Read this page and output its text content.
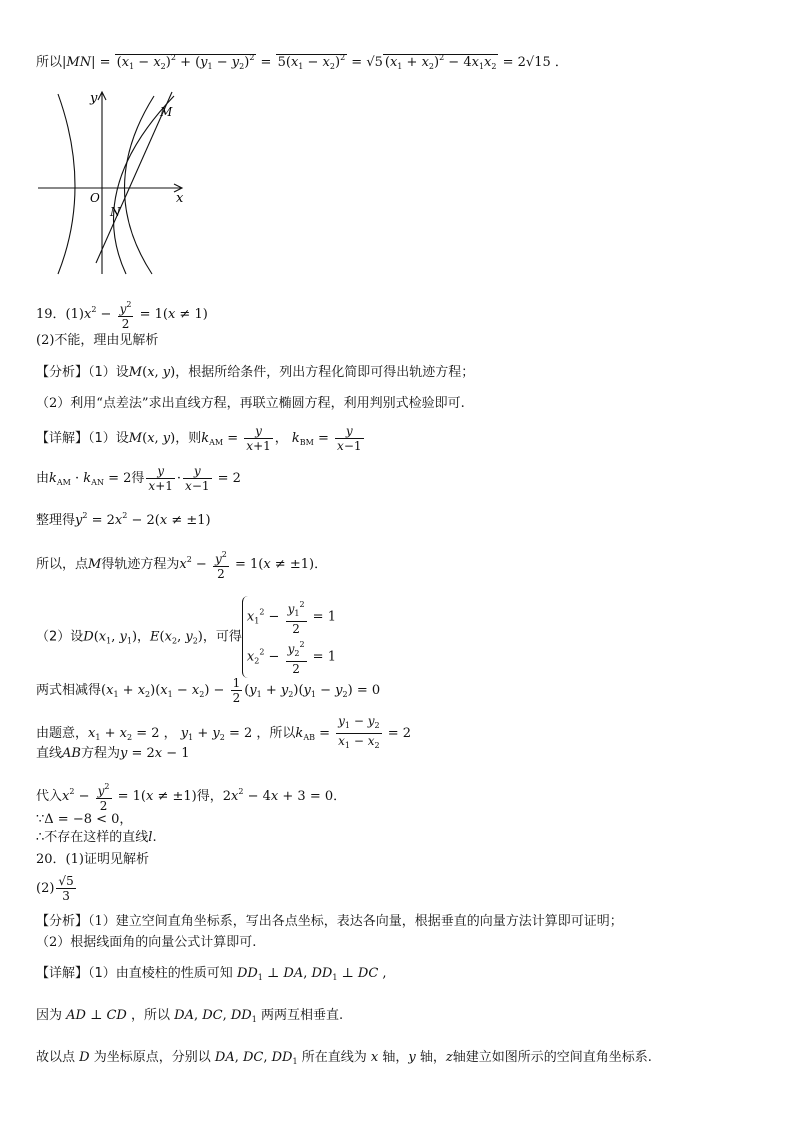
所以$|MN| = (x_1 - x_2)^2 + (y_1 - y_2)^2 = 5(x_1 - x_2)^2 = √5$ $(x_1 + x_2)^2 - 4x_1x_2 = 2√15$ ．
y
x
O
M
N
19．$(1)x^2 - \frac{y^2}{2} = 1(x \ne 1)$
(2)不能，理由见解析
【分析】（1）设M(x, y)，根据所给条件，列出方程化简即可得出轨迹方程；
（2）利用“点差法”求出直线方程，再联立椭圆方程，利用判别式检验即可.
【详解】（1）设M(x, y)，则$k_{AM} = \frac{y}{x+1}$ ， $k_{BM} = \frac{y}{x-1}$
由$k_{AM} \cdot k_{AN} = 2$得 $\frac{y}{x+1} \cdot \frac{y}{x-1} = 2$
整理得$y^2 = 2x^2 - 2(x \ne \pm 1)$
所以，点M得轨迹方程为$x^2 - \frac{y^2}{2} = 1(x \ne \pm 1)$．
（2）设$D(x_1$, $y_1$)，$E(x_2$, $y_2$)，可得
$x_1^2 - \frac{y_1^2}{2} = 1$
$x_2^2 - \frac{y_2^2}{2} = 1$
两式相减得$(x_1 + x_2)(x_1 - x_2) - \frac{1}{2} (y_1 + y_2)(y_1 - y_2) = 0$
由题意，$x_1 + x_2 = 2$ ， $y_1 + y_2 = 2$ ，所以$k_{AB} = \frac{y_1 - y_2}{x_1 - x_2} = 2$
直线AB方程为y = 2x − 1
代入$x^2 - \frac{y^2}{2} = 1(x \ne \pm 1)$得，$2x^2 - 4x + 3 = 0$．
∵Δ = −8 < 0，
∴不存在这样的直线l.
20．(1)证明见解析
$(2) \frac{√5}{3}$
【分析】（1）建立空间直角坐标系，写出各点坐标，表达各向量，根据垂直的向量方法计算即可证明；
（2）根据线面角的向量公式计算即可.
【详解】（1）由直棱柱的性质可知 $DD_1$ ⊥ DA, $DD_1$ ⊥ DC ,
因为 AD ⊥ CD ，所以 DA, DC, $DD_1$ 两两互相垂直.
故以点 D 为坐标原点，分别以 DA, DC, $DD_1$ 所在直线为 x 轴，y 轴，z轴建立如图所示的空间直角坐标系.
